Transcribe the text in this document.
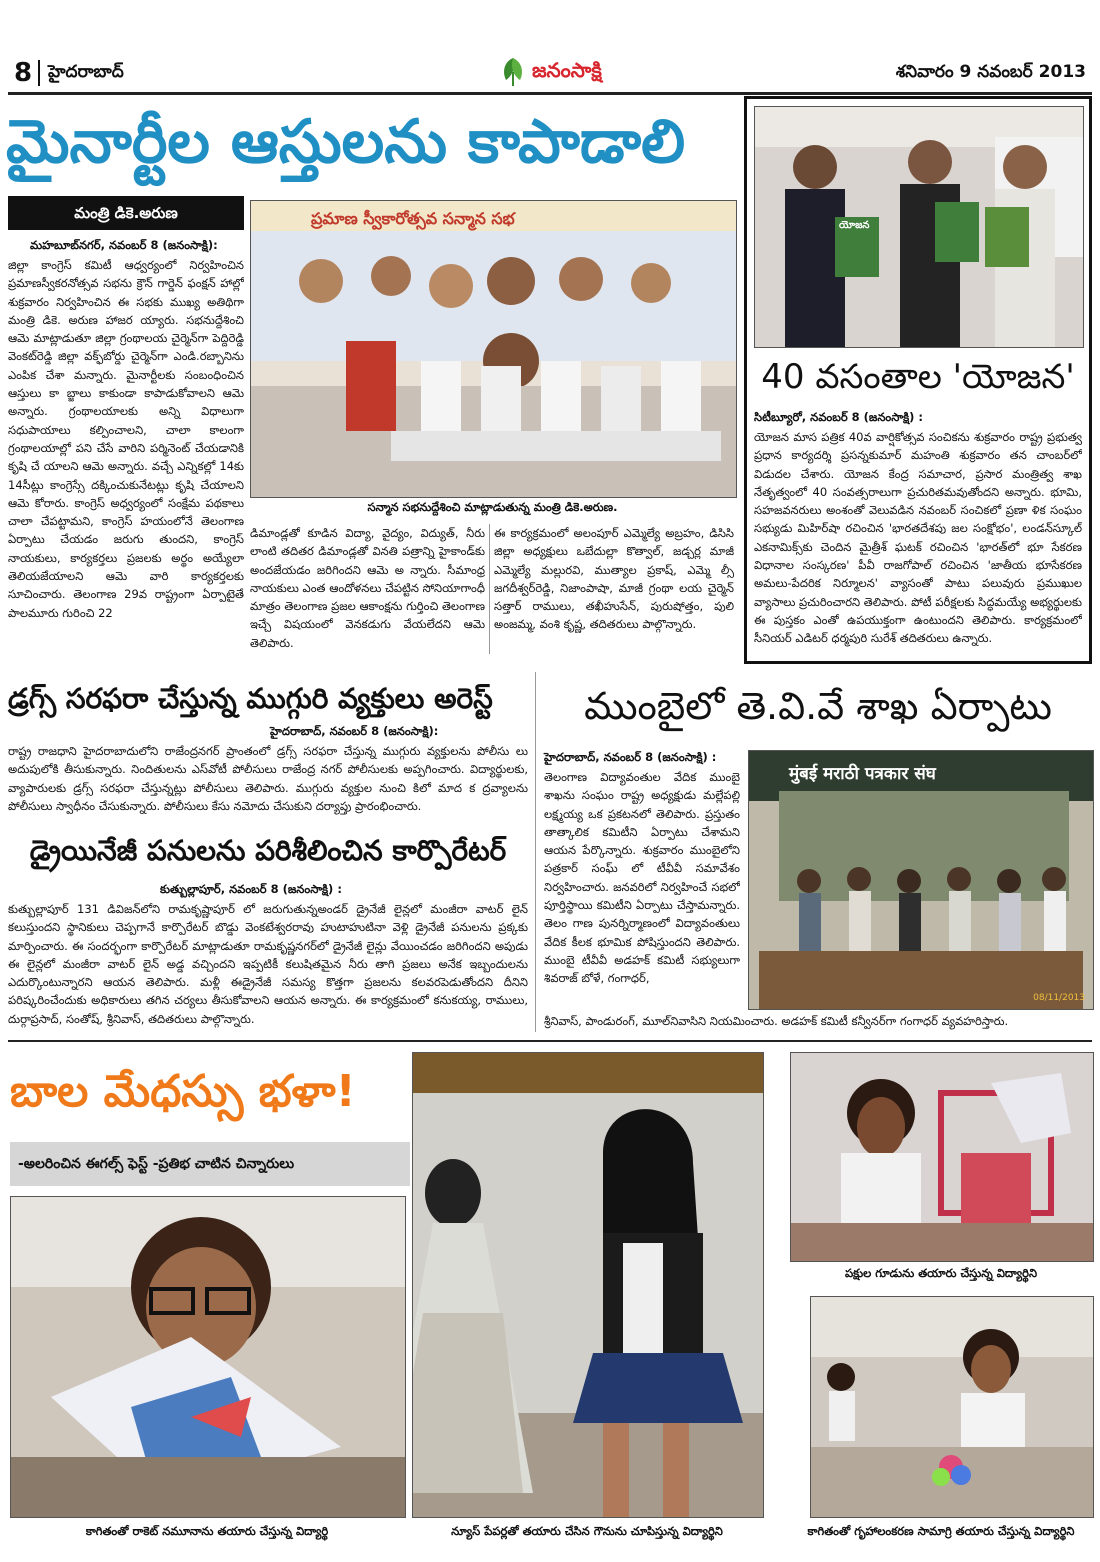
8 హైదరాబాద్	జనంసాక్షి	శనివారం 9 నవంబర్ 2013
మైనార్టీల ఆస్తులను కాపాడాలి
మంత్రి డికె.అరుణ
మహబూబ్‌నగర్, నవంబర్ 8 (జనంసాక్షి):
జిల్లా కాంగ్రెస్ కమిటీ ఆధ్వర్యంలో నిర్వహించిన ప్రమాణస్వీకరనోత్సవ సభను క్రౌన్ గార్డెన్ ఫంక్షన్ హాల్లో శుక్రవారం నిర్వహించిన ఈ సభకు ముఖ్య అతిథిగా మంత్రి డికె. అరుణ హాజర య్యారు. సభనుద్దేశించి ఆమె మాట్లాడుతూ జిల్లా గ్రంథాలయ చైర్మెన్‌గా పెద్దిరెడ్డి వెంకట్‌రెడ్డి జిల్లా వక్ఫ్‌బోర్డు చైర్మెన్‌గా ఎండి.రబ్బానిను ఎంపిక చేశా మన్నారు. మైనార్టీలకు సంబంధించిన ఆస్తులు కా బ్జాలు కాకుండా కాపాడుకోవాలని ఆమె అన్నారు. గ్రంథాలయాలకు అన్ని విధాలుగా సధుపాయాలు కల్పించాలని, చాలా కాలంగా గ్రంథాలయాల్లో పని చేసే వారిని పర్మినెంట్ చేయడానికి కృషి చే యాలని ఆమె అన్నారు. వచ్చే ఎన్నికల్లో 14కు 14సీట్లు కాంగ్రెస్సే దక్కించుకునేటట్లు కృషి చేయాలని ఆమె కోరారు. కాంగ్రెస్ అధ్వర్యంలో సంక్షేమ పథకాలు చాలా చేపట్టామని, కాంగ్రెస్ హయంలోనే తెలంగాణ ఏర్పాటు చేయడం జరుగు తుందని, కాంగ్రెస్ నాయకులు, కార్యకర్తలు ప్రజలకు అర్థం అయ్యేలా తెలియజేయాలని ఆమె వారి కార్యకర్తలకు సూచించారు. తెలంగాణ 29వ రాష్ట్రంగా ఏర్పాటైతే పాలమూరు గురించి 22
ప్రమాణ స్వీకారోత్సవ సన్మాన సభ
సన్మాన సభనుద్దేశించి మాట్లాడుతున్న మంత్రి డికె.అరుణ.
డిమాండ్లతో కూడిన విద్యా, వైద్యం, విద్యుత్, నీరు లాంటి తదితర డిమాండ్లతో వినతి పత్రాన్ని హైకాండ్‌కు అందజేయడం జరిగిందని ఆమె అ న్నారు. సీమాంధ్ర నాయకులు ఎంత ఆందోళనలు చేపట్టిన సోనియాగాంధీ మాత్రం తెలంగాణ ప్రజల ఆకాంక్షను గుర్తించి తెలంగాణ ఇచ్చే విషయంలో వెనకడుగు వేయలేదని ఆమె తెలిపారు.
ఈ కార్యక్రమంలో అలంపూర్ ఎమ్మెల్యే అబ్రహం, డిసిసి జిల్లా అధ్యక్షులు ఒబేదుల్లా కొత్వాల్, జడ్చర్ల మాజీ ఎమ్మెల్యే మల్లురవి, ముత్యాల ప్రకాష్, ఎమ్మె ల్సీ జగదీశ్వర్‌రెడ్డి, నిజాంపాషా, మాజీ గ్రంథా లయ చైర్మెన్ సత్తార్ రాములు, తఖీహుసేన్, పురుషోత్తం, పులి అంజమ్మ, వంశి కృష్ణ, తదితరులు పాల్గొన్నారు.
యోజన
40 వసంతాల 'యోజన'
సిటీబ్యూరో, నవంబర్ 8 (జనంసాక్షి) :
యోజన మాస పత్రిక 40వ వార్షికోత్సవ సంచికను శుక్రవారం రాష్ట్ర ప్రభుత్వ ప్రధాన కార్యదర్శి ప్రసన్నకుమార్ మహంతి శుక్రవారం తన చాంబర్‌లో విడుదల చేశారు. యోజన కేంద్ర సమాచార, ప్రసార మంత్రిత్వ శాఖ నేతృత్వంలో 40 సంవత్సరాలుగా ప్రచురితమవుతోందని అన్నారు. భూమి, సహజవనరులు అంశంతో వెలువడిన నవంబర్ సంచికలో ప్రణా ళిక సంఘం సభ్యుడు మిహిర్‌షా రచించిన 'భారతదేశపు జల సంక్షోభం', లండన్‌స్కూల్ ఎకనామిక్స్‌కు చెందిన మైత్రీశ్ ఘటక్ రచించిన 'భారత్‌లో భూ సేకరణ విధానాల సంస్కరణ' పీవీ రాజగోపాల్ రచించిన 'జాతీయ భూసేకరణ అమలు-పేదరిక నిర్మూలన' వ్యాసంతో పాటు పలువురు ప్రముఖుల వ్యాసాలు ప్రచురించారని తెలిపారు. పోటీ పరీక్షలకు సిద్ధమయ్యే అభ్యర్థులకు ఈ పుస్తకం ఎంతో ఉపయుక్తంగా ఉంటుందని తెలిపారు. కార్యక్రమంలో సీనియర్ ఎడిటర్ ధర్మపురి సురేశ్ తదితరులు ఉన్నారు.
డ్రగ్స్ సరఫరా చేస్తున్న ముగ్గురి వ్యక్తులు అరెస్ట్
హైదరాబాద్, నవంబర్ 8 (జనంసాక్షి):
రాష్ట్ర రాజధాని హైదరాబాదులోని రాజేంద్రనగర్ ప్రాంతంలో డ్రగ్స్ సరఫరా చేస్తున్న ముగ్గురు వ్యక్తులను పోలీసు లు అదుపులోకి తీసుకున్నారు. నిందితులను ఎస్‌వోటీ పోలీసులు రాజేంద్ర నగర్ పోలీసులకు అప్పగించారు. విద్యార్థులకు, వ్యాపారులకు డ్రగ్స్ సరఫరా చేస్తున్నట్లు పోలీసులు తెలిపారు. ముగ్గురు వ్యక్తుల నుంచి కిలో మాద క ద్రవ్యాలను పోలీసులు స్వాధీనం చేసుకున్నారు. పోలీసులు కేసు నమోదు చేసుకుని దర్యాప్తు ప్రారంభించారు.
డ్రైయినేజీ పనులను పరిశీలించిన కార్పొరేటర్
కుత్బుల్లాపూర్, నవంబర్ 8 (జనంసాక్షి) :
కుత్బుల్లాపూర్ 131 డివిజన్‌లోని రామకృష్ణాపూర్ లో జరుగుతున్నఅండర్ డ్రైనేజీ లైన్లలో మంజీరా వాటర్ లైన్ కలుస్తుందని స్థానికులు చెప్పగానే కార్పొరేటర్ బొడ్డు వెంకటేశ్వరరావు హుటాహుటినా వెళ్లి డ్రైనేజీ పనులను ప్రక్కకు మార్పించారు. ఈ సందర్భంగా కార్పొరేటర్ మాట్లాడుతూ రామకృష్ణనగర్‌లో డ్రైనేజీ లైన్లు వేయించడం జరిగిందని అపుడు ఈ లైన్లలో మంజీరా వాటర్ లైన్ అడ్డ వచ్చిందని ఇప్పటికీ కలుషితమైన నీరు తాగి ప్రజలు అనేక ఇబ్బందులను ఎదుర్కొంటున్నారని ఆయన తెలిపారు. మళ్లీ ఈడ్రైనేజీ సమస్య కొత్తగా ప్రజలను కలవరపెడుతోందని దీనిని పరిష్కరించేందుకు అధికారులు తగిన చర్యలు తీసుకోవాలని ఆయన అన్నారు. ఈ కార్యక్రమంలో కనుకయ్య, రాములు, దుర్గాప్రసాద్, సంతోష్, శ్రీనివాస్, తదితరులు పాల్గొన్నారు.
ముంబైలో తె.వి.వే శాఖ ఏర్పాటు
హైదరాబాద్, నవంబర్ 8 (జనంసాక్షి) :
తెలంగాణ విద్యావంతుల వేదిక ముంబై శాఖను సంఘం రాష్ట్ర అధ్యక్షుడు మల్లేపల్లి లక్ష్మయ్య ఒక ప్రకటనలో తెలిపారు. ప్రస్తుతం తాత్కాలిక కమిటీని ఏర్పాటు చేశామని ఆయన పేర్కొన్నారు. శుక్రవారం ముంబైలోని పత్రకార్ సంఘ్ లో టీవీవీ సమావేశం నిర్వహించారు. జనవరిలో నిర్వహించే సభలో పూర్తిస్థాయి కమిటీని ఏర్పాటు చేస్తామన్నారు. తెలం గాణ పునర్నిర్మాణంలో విద్యావంతులు వేదిక కీలక భూమిక పోషిస్తుందని తెలిపారు. ముంబై టీవీవీ అడహక్ కమిటీ సభ్యులుగా శివరాజ్ బోళే, గంగాధర్,
मुंबई मराठी पत्रकार संघ
08/11/2013
శ్రీనివాస్, పాండురంగ్, మూల్‌నివాసిని నియమించారు. అడహక్ కమిటీ కన్వీనర్‌గా గంగాధర్ వ్యవహరిస్తారు.
బాల మేధస్సు భళా!
-అలరించిన ఈగల్స్ ఫెస్ట్ -ప్రతిభ చాటిన చిన్నారులు
కాగితంతో రాకెట్ నమూనాను తయారు చేస్తున్న విద్యార్థి	న్యూస్ పేపర్లతో తయారు చేసిన గౌనును చూపిస్తున్న విద్యార్థిని
పక్షుల గూడును తయారు చేస్తున్న విద్యార్థిని
కాగితంతో గృహాలంకరణ సామాగ్రి తయారు చేస్తున్న విద్యార్థిని
